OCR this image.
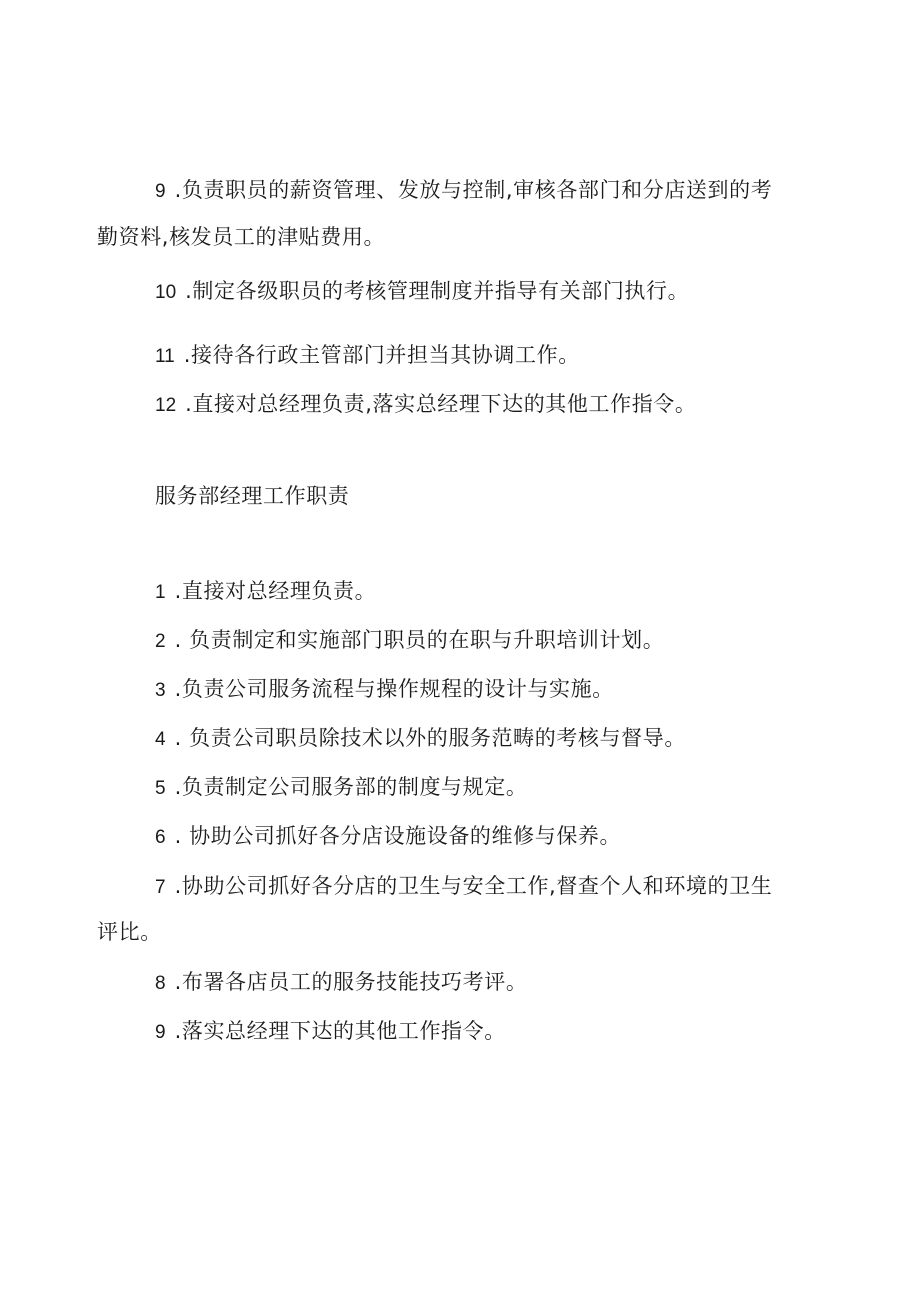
9 .负责职员的薪资管理、发放与控制,审核各部门和分店送到的考
勤资料,核发员工的津贴费用。
10 .制定各级职员的考核管理制度并指导有关部门执行。
11 .接待各行政主管部门并担当其协调工作。
12 .直接对总经理负责,落实总经理下达的其他工作指令。
服务部经理工作职责
1 .直接对总经理负责。
2 . 负责制定和实施部门职员的在职与升职培训计划。
3 .负责公司服务流程与操作规程的设计与实施。
4 . 负责公司职员除技术以外的服务范畴的考核与督导。
5 .负责制定公司服务部的制度与规定。
6 . 协助公司抓好各分店设施设备的维修与保养。
7 .协助公司抓好各分店的卫生与安全工作,督查个人和环境的卫生
评比。
8 .布署各店员工的服务技能技巧考评。
9 .落实总经理下达的其他工作指令。
